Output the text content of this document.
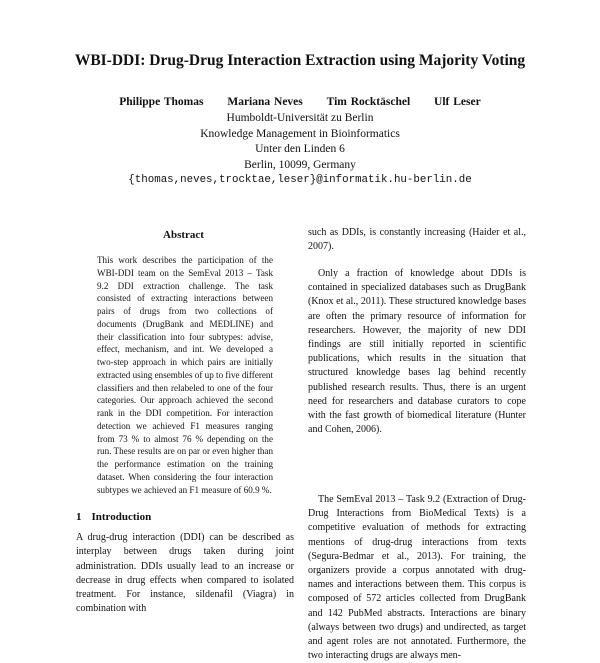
WBI-DDI: Drug-Drug Interaction Extraction using Majority Voting
Philippe Thomas Mariana Neves Tim Rocktäschel Ulf Leser
Humboldt-Universität zu Berlin
Knowledge Management in Bioinformatics
Unter den Linden 6
Berlin, 10099, Germany
{thomas,neves,trocktae,leser}@informatik.hu-berlin.de
Abstract
This work describes the participation of the WBI-DDI team on the SemEval 2013 – Task 9.2 DDI extraction challenge. The task consisted of extracting interactions between pairs of drugs from two collections of documents (DrugBank and MEDLINE) and their classification into four subtypes: advise, effect, mechanism, and int. We developed a two-step approach in which pairs are initially extracted using ensembles of up to five different classifiers and then relabeled to one of the four categories. Our approach achieved the second rank in the DDI competition. For interaction detection we achieved F1 measures ranging from 73 % to almost 76 % depending on the run. These results are on par or even higher than the performance estimation on the training dataset. When considering the four interaction subtypes we achieved an F1 measure of 60.9 %.
1 Introduction
A drug-drug interaction (DDI) can be described as interplay between drugs taken during joint administration. DDIs usually lead to an increase or decrease in drug effects when compared to isolated treatment. For instance, sildenafil (Viagra) in combination with
such as DDIs, is constantly increasing (Haider et al., 2007).
Only a fraction of knowledge about DDIs is contained in specialized databases such as DrugBank (Knox et al., 2011). These structured knowledge bases are often the primary resource of information for researchers. However, the majority of new DDI findings are still initially reported in scientific publications, which results in the situation that structured knowledge bases lag behind recently published research results. Thus, there is an urgent need for researchers and database curators to cope with the fast growth of biomedical literature (Hunter and Cohen, 2006).
The SemEval 2013 – Task 9.2 (Extraction of Drug-Drug Interactions from BioMedical Texts) is a competitive evaluation of methods for extracting mentions of drug-drug interactions from texts (Segura-Bedmar et al., 2013). For training, the organizers provide a corpus annotated with drug-names and interactions between them. This corpus is composed of 572 articles collected from DrugBank and 142 PubMed abstracts. Interactions are binary (always between two drugs) and undirected, as target and agent roles are not annotated. Furthermore, the two interacting drugs are always men-
